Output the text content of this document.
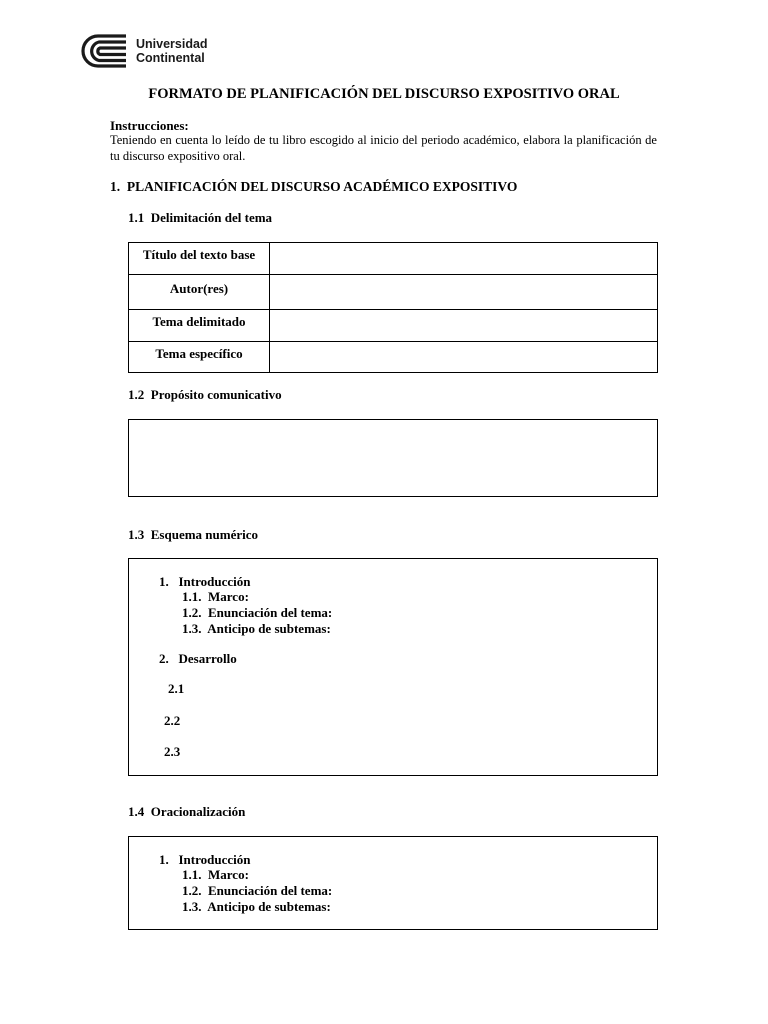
Universidad
Continental
FORMATO DE PLANIFICACIÓN DEL DISCURSO EXPOSITIVO ORAL
Instrucciones:
Teniendo en cuenta lo leído de tu libro escogido al inicio del periodo académico, elabora la planificación de tu discurso expositivo oral.
1.  PLANIFICACIÓN DEL DISCURSO ACADÉMICO EXPOSITIVO
1.1  Delimitación del tema
Título del texto base	
Autor(res)	
Tema delimitado	
Tema específico	
1.2  Propósito comunicativo
1.3  Esquema numérico
1.   Introducción
1.1.  Marco:
1.2.  Enunciación del tema:
1.3.  Anticipo de subtemas:
2.   Desarrollo
2.1
2.2
2.3
1.4  Oracionalización
1.   Introducción
1.1.  Marco:
1.2.  Enunciación del tema:
1.3.  Anticipo de subtemas:
